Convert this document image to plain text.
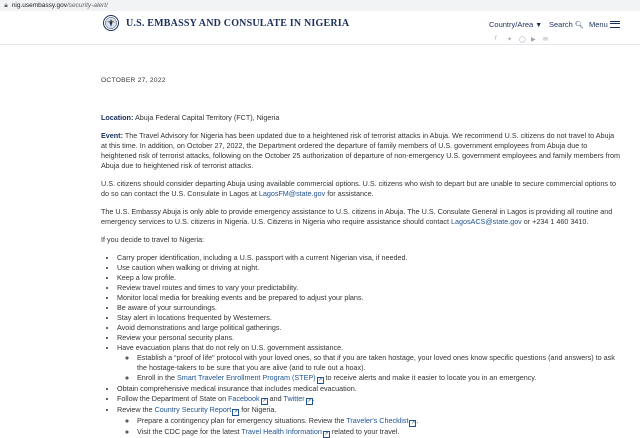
🔒︎ nig.usembassy.gov/security-alert/
U.S. EMBASSY AND CONSULATE IN NIGERIA	Country/Area ▼ Search 🔍︎ Menu
f ✦ ◯ ▶ ✉
OCTOBER 27, 2022

Location: Abuja Federal Capital Territory (FCT), Nigeria

Event: The Travel Advisory for Nigeria has been updated due to a heightened risk of terrorist attacks in Abuja. We recommend U.S. citizens do not travel to Abuja at this time. In addition, on October 27, 2022, the Department ordered the departure of family members of U.S. government employees from Abuja due to heightened risk of terrorist attacks, following on the October 25 authorization of departure of non-emergency U.S. government employees and family members from Abuja due to heightened risk of terrorist attacks.

U.S. citizens should consider departing Abuja using available commercial options. U.S. citizens who wish to depart but are unable to secure commercial options to do so can contact the U.S. Consulate in Lagos at LagosFM@state.gov for assistance.

The U.S. Embassy Abuja is only able to provide emergency assistance to U.S. citizens in Abuja. The U.S. Consulate General in Lagos is providing all routine and emergency services to U.S. citizens in Nigeria. U.S. Citizens in Nigeria who require assistance should contact LagosACS@state.gov or +234 1 460 3410.

If you decide to travel to Nigeria:

• Carry proper identification, including a U.S. passport with a current Nigerian visa, if needed.
• Use caution when walking or driving at night.
• Keep a low profile.
• Review travel routes and times to vary your predictability.
• Monitor local media for breaking events and be prepared to adjust your plans.
• Be aware of your surroundings.
• Stay alert in locations frequented by Westerners.
• Avoid demonstrations and large political gatherings.
• Review your personal security plans.
• Have evacuation plans that do not rely on U.S. government assistance.
◦ Establish a “proof of life” protocol with your loved ones, so that if you are taken hostage, your loved ones know specific questions (and answers) to ask the hostage-takers to be sure that you are alive (and to rule out a hoax).
◦ Enroll in the Smart Traveler Enrollment Program (STEP) ↗ to receive alerts and make it easier to locate you in an emergency.
• Obtain comprehensive medical insurance that includes medical evacuation.
• Follow the Department of State on Facebook ↗ and Twitter ↗.
• Review the Country Security Report ↗ for Nigeria.
◦ Prepare a contingency plan for emergency situations. Review the Traveler's Checklist ↗.
◦ Visit the CDC page for the latest Travel Health Information ↗ related to your travel.
